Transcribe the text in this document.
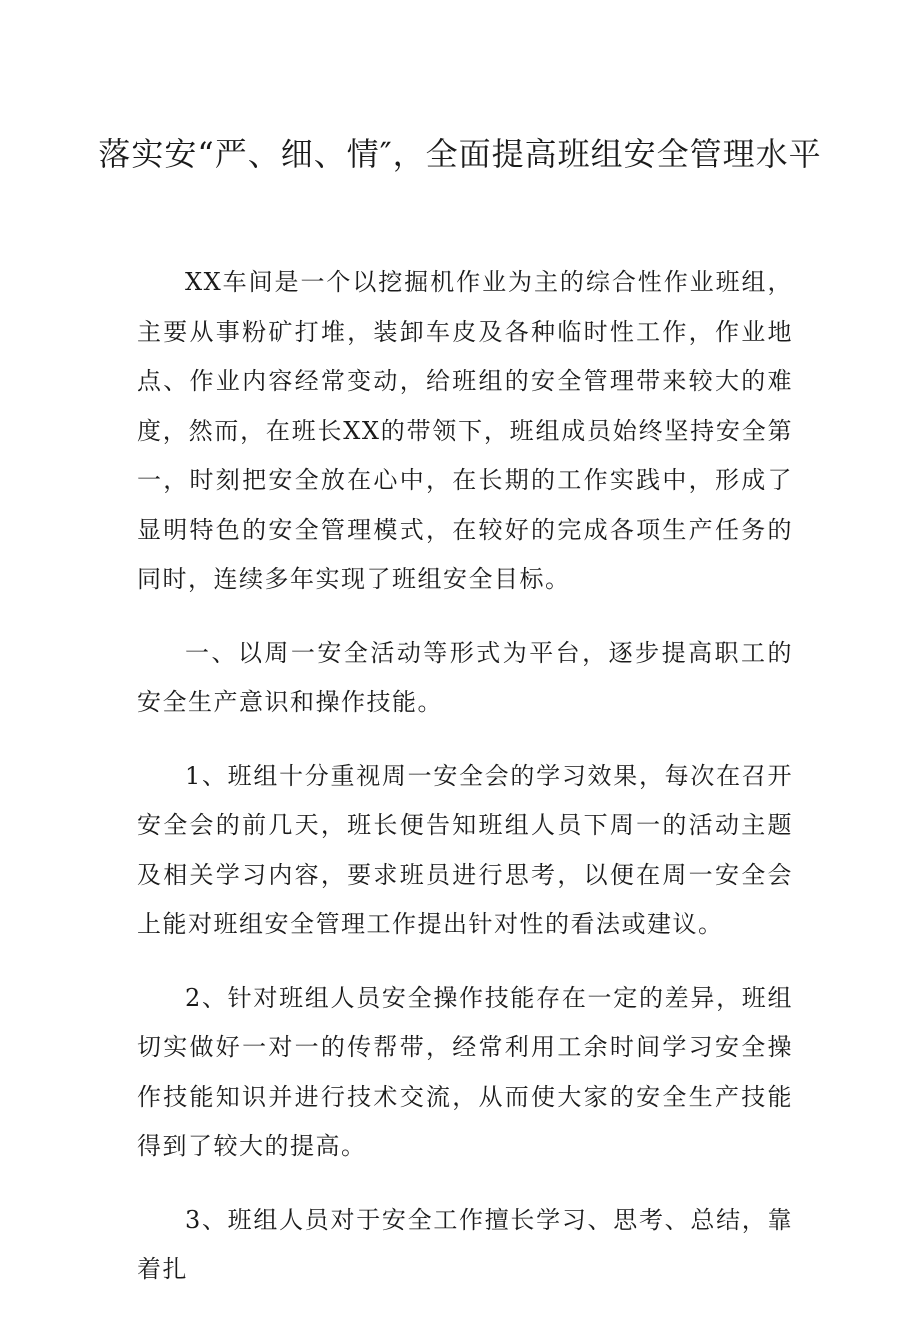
落实安“严、细、情″，全面提高班组安全管理水平

XX车间是一个以挖掘机作业为主的综合性作业班组，主要从事粉矿打堆，装卸车皮及各种临时性工作，作业地点、作业内容经常变动，给班组的安全管理带来较大的难度，然而，在班长XX的带领下，班组成员始终坚持安全第一，时刻把安全放在心中，在长期的工作实践中，形成了显明特色的安全管理模式，在较好的完成各项生产任务的同时，连续多年实现了班组安全目标。

一、以周一安全活动等形式为平台，逐步提高职工的安全生产意识和操作技能。

1、班组十分重视周一安全会的学习效果，每次在召开安全会的前几天，班长便告知班组人员下周一的活动主题及相关学习内容，要求班员进行思考，以便在周一安全会上能对班组安全管理工作提出针对性的看法或建议。

2、针对班组人员安全操作技能存在一定的差异，班组切实做好一对一的传帮带，经常利用工余时间学习安全操作技能知识并进行技术交流，从而使大家的安全生产技能得到了较大的提高。

3、班组人员对于安全工作擅长学习、思考、总结，靠着扎
